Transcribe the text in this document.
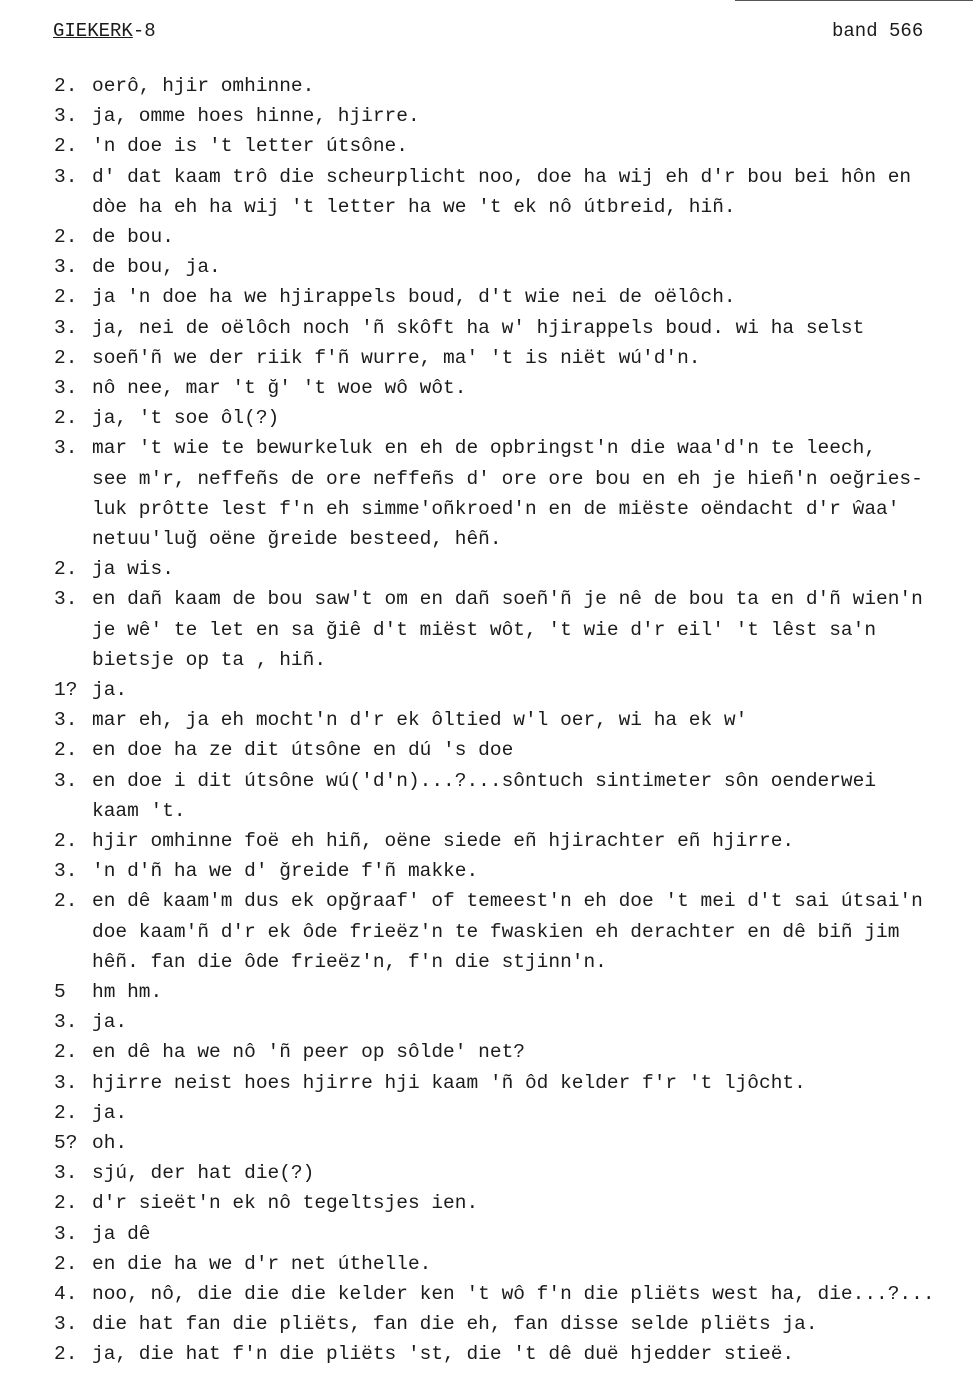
GIEKERK-8	band 566
2. oerô, hjir omhinne.
3. ja, omme hoes hinne, hjirre.
2. 'n doe is 't letter útsône.
3. d' dat kaam trô die scheurplicht noo, doe ha wij eh d'r bou bei hôn en
dòe ha eh ha wij 't letter ha we 't ek nô útbreid, hiñ.
2. de bou.
3. de bou, ja.
2. ja 'n doe ha we hjirappels boud, d't wie nei de oëlôch.
3. ja, nei de oëlôch noch 'ñ skôft ha w' hjirappels boud. wi ha selst
2. soeñ'ñ we der riik f'ñ wurre, ma' 't is niët wú'd'n.
3. nô nee, mar 't ğ' 't woe wô wôt.
2. ja, 't soe ôl(?)
3. mar 't wie te bewurkeluk en eh de opbringst'n die waa'd'n te leech,
see m'r, neffeñs de ore neffeñs d' ore ore bou en eh je hieñ'n oeğries-
luk prôtte lest f'n eh simme'oñkroed'n en de miëste oëndacht d'r ŵaa'
netuu'luğ oëne ğreide besteed, hêñ.
2. ja wis.
3. en dañ kaam de bou saw't om en dañ soeñ'ñ je nê de bou ta en d'ñ wien'n
je wê' te let en sa ğiê d't miëst wôt, 't wie d'r eil' 't lêst sa'n
bietsje op ta , hiñ.
1? ja.
3. mar eh, ja eh mocht'n d'r ek ôltied w'l oer, wi ha ek w'
2. en doe ha ze dit útsône en dú 's doe
3. en doe i dit útsône wú('d'n)...?...sôntuch sintimeter sôn oenderwei
kaam 't.
2. hjir omhinne foë eh hiñ, oëne siede eñ hjirachter eñ hjirre.
3. 'n d'ñ ha we d' ğreide f'ñ makke.
2. en dê kaam'm dus ek opğraaf' of temeest'n eh doe 't mei d't sai útsai'n
doe kaam'ñ d'r ek ôde frieëz'n te fwaskien eh derachter en dê biñ jim
hêñ. fan die ôde frieëz'n, f'n die stjinn'n.
5 hm hm.
3. ja.
2. en dê ha we nô 'ñ peer op sôlde' net?
3. hjirre neist hoes hjirre hji kaam 'ñ ôd kelder f'r 't ljôcht.
2. ja.
5? oh.
3. sjú, der hat die(?)
2. d'r sieët'n ek nô tegeltsjes ien.
3. ja dê
2. en die ha we d'r net úthelle.
4. noo, nô, die die die kelder ken 't wô f'n die pliëts west ha, die...?...
3. die hat fan die pliëts, fan die eh, fan disse selde pliëts ja.
2. ja, die hat f'n die pliëts 'st, die 't dê duë hjedder stieë.
